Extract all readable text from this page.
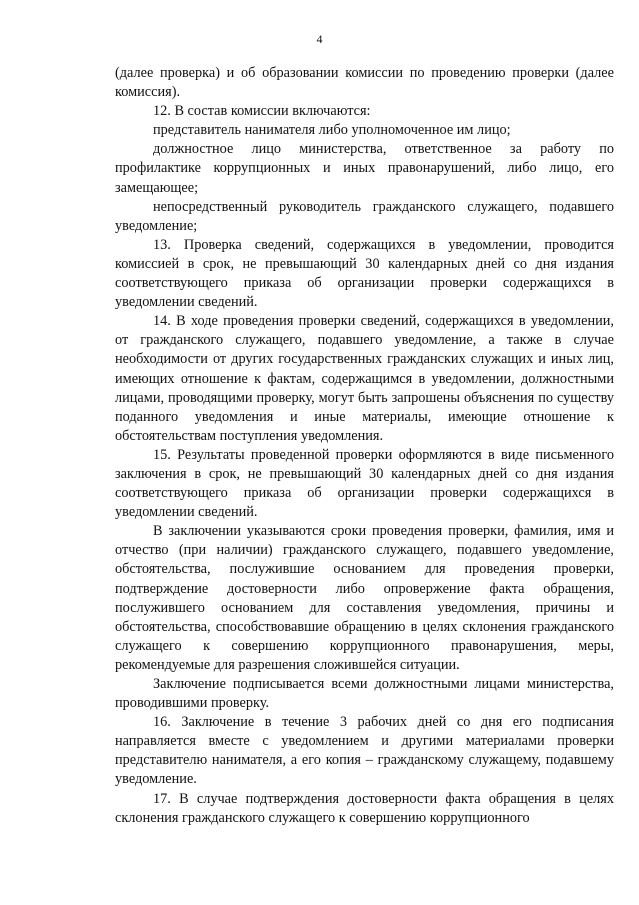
4

(далее проверка) и об образовании комиссии по проведению проверки (далее комиссия).

12. В состав комиссии включаются:

представитель нанимателя либо уполномоченное им лицо;

должностное лицо министерства, ответственное за работу по профилактике коррупционных и иных правонарушений, либо лицо, его замещающее;

непосредственный руководитель гражданского служащего, подавшего уведомление;

13. Проверка сведений, содержащихся в уведомлении, проводится комиссией в срок, не превышающий 30 календарных дней со дня издания соответствующего приказа об организации проверки содержащихся в уведомлении сведений.

14. В ходе проведения проверки сведений, содержащихся в уведомлении, от гражданского служащего, подавшего уведомление, а также в случае необходимости от других государственных гражданских служащих и иных лиц, имеющих отношение к фактам, содержащимся в уведомлении, должностными лицами, проводящими проверку, могут быть запрошены объяснения по существу поданного уведомления и иные материалы, имеющие отношение к обстоятельствам поступления уведомления.

15. Результаты проведенной проверки оформляются в виде письменного заключения в срок, не превышающий 30 календарных дней со дня издания соответствующего приказа об организации проверки содержащихся в уведомлении сведений.

В заключении указываются сроки проведения проверки, фамилия, имя и отчество (при наличии) гражданского служащего, подавшего уведомление, обстоятельства, послужившие основанием для проведения проверки, подтверждение достоверности либо опровержение факта обращения, послужившего основанием для составления уведомления, причины и обстоятельства, способствовавшие обращению в целях склонения гражданского служащего к совершению коррупционного правонарушения, меры, рекомендуемые для разрешения сложившейся ситуации.

Заключение подписывается всеми должностными лицами министерства, проводившими проверку.

16. Заключение в течение 3 рабочих дней со дня его подписания направляется вместе с уведомлением и другими материалами проверки представителю нанимателя, а его копия – гражданскому служащему, подавшему уведомление.

17. В случае подтверждения достоверности факта обращения в целях склонения гражданского служащего к совершению коррупционного
